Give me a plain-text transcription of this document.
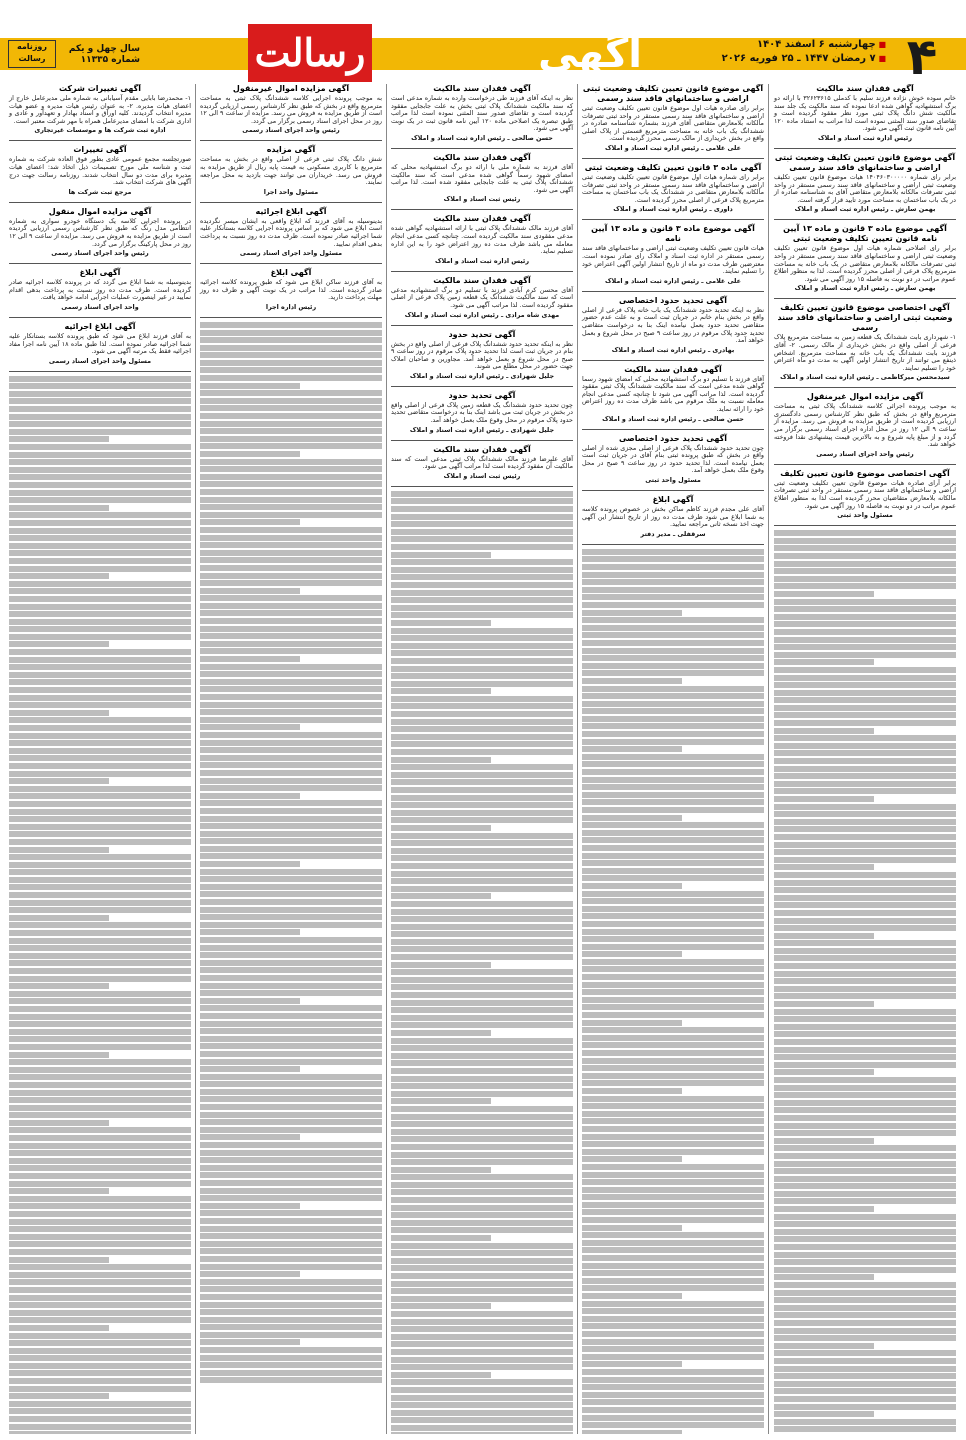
۴
■ چهارشنبه ۶ اسفند ۱۴۰۴
■ ۷ رمضان ۱۴۴۷ ـ ۲۵ فوریه ۲۰۲۶
آگهی
رسالت
سال چهل و یکم
شماره ۱۱۳۳۵
روزنامه رسالت
آگهی فقدان سند مالکیت
خانم سوده خوش نژاده فرزند سلیم با کدملی ۳۲۶۲۳۶۱۵ با ارائه دو برگ استشهادیه گواهی شده ادعا نموده که سند مالکیت یک جلد سند مالکیت شش دانگ پلاک ثبتی مورد نظر مفقود گردیده است و تقاضای صدور سند المثنی نموده است لذا مراتب به استناد ماده ۱۲۰ آیین نامه قانون ثبت آگهی می شود.
رئیس اداره ثبت اسناد و املاک
آگهی موضوع قانون تعیین تکلیف وضعیت ثبتی اراضی و ساختمانهای فاقد سند رسمی
برابر رای شماره ۱۴۰۴۶۰۳۰۰۰۰۰ هیات موضوع قانون تعیین تکلیف وضعیت ثبتی اراضی و ساختمانهای فاقد سند رسمی مستقر در واحد ثبتی تصرفات مالکانه بلامعارض متقاضی آقای به شناسنامه صادره از در یک باب ساختمان به مساحت مورد تایید قرار گرفته است.
بهمن سازش ـ رئیس اداره ثبت اسناد و املاک
آگهی موضوع ماده ۳ قانون و ماده ۱۳ آیین نامه قانون تعیین تکلیف وضعیت ثبتی
برابر رای اصلاحی شماره هیات اول موضوع قانون تعیین تکلیف وضعیت ثبتی اراضی و ساختمانهای فاقد سند رسمی مستقر در واحد ثبتی تصرفات مالکانه بلامعارض متقاضی در یک باب خانه به مساحت مترمربع پلاک فرعی از اصلی محرز گردیده است. لذا به منظور اطلاع عموم مراتب در دو نوبت به فاصله ۱۵ روز آگهی می شود.
بهمن سازش ـ رئیس اداره ثبت اسناد و املاک
آگهی اختصاصی موضوع قانون تعیین تکلیف وضعیت ثبتی اراضی و ساختمانهای فاقد سند رسمی
۱- شهرداری بابت ششدانگ یک قطعه زمین به مساحت مترمربع پلاک فرعی از اصلی واقع در بخش خریداری از مالک رسمی. ۲- آقای فرزند بابت ششدانگ یک باب خانه به مساحت مترمربع. اشخاص ذینفع می توانند از تاریخ انتشار اولین آگهی به مدت دو ماه اعتراض خود را تسلیم نمایند.
سیدمحسن میرکاظمی ـ رئیس اداره ثبت اسناد و املاک
آگهی مزایده اموال غیرمنقول
به موجب پرونده اجرائی کلاسه ششدانگ پلاک ثبتی به مساحت مترمربع واقع در بخش که طبق نظر کارشناس رسمی دادگستری ارزیابی گردیده است از طریق مزایده به فروش می رسد. مزایده از ساعت ۹ الی ۱۲ روز در محل اداره اجرای اسناد رسمی برگزار می گردد و از مبلغ پایه شروع و به بالاترین قیمت پیشنهادی نقدا فروخته خواهد شد.
رئیس واحد اجرای اسناد رسمی
آگهی اختصاصی موضوع قانون تعیین تکلیف
برابر آرای صادره هیات موضوع قانون تعیین تکلیف وضعیت ثبتی اراضی و ساختمانهای فاقد سند رسمی مستقر در واحد ثبتی تصرفات مالکانه بلامعارض متقاضیان محرز گردیده است لذا به منظور اطلاع عموم مراتب در دو نوبت به فاصله ۱۵ روز آگهی می شود.
مسئول واحد ثبتی
آگهی موضوع قانون تعیین تکلیف وضعیت ثبتی اراضی و ساختمانهای فاقد سند رسمی
برابر رای صادره هیات اول موضوع قانون تعیین تکلیف وضعیت ثبتی اراضی و ساختمانهای فاقد سند رسمی مستقر در واحد ثبتی تصرفات مالکانه بلامعارض متقاضی آقای فرزند بشماره شناسنامه صادره در ششدانگ یک باب خانه به مساحت مترمربع قسمتی از پلاک اصلی واقع در بخش خریداری از مالک رسمی محرز گردیده است.
علی غلامی ـ رئیس اداره ثبت اسناد و املاک
آگهی ماده ۳ قانون تعیین تکلیف وضعیت ثبتی
برابر رای شماره هیات اول موضوع قانون تعیین تکلیف وضعیت ثبتی اراضی و ساختمانهای فاقد سند رسمی مستقر در واحد ثبتی تصرفات مالکانه بلامعارض متقاضی در ششدانگ یک باب ساختمان به مساحت مترمربع پلاک فرعی از اصلی محرز گردیده است.
داوری ـ رئیس اداره ثبت اسناد و املاک
آگهی موضوع ماده ۳ قانون و ماده ۱۳ آیین نامه
هیات قانون تعیین تکلیف وضعیت ثبتی اراضی و ساختمانهای فاقد سند رسمی مستقر در اداره ثبت اسناد و املاک رای صادر نموده است. معترضین ظرف مدت دو ماه از تاریخ انتشار اولین آگهی اعتراض خود را تسلیم نمایند.
علی غلامی ـ رئیس اداره ثبت اسناد و املاک
آگهی تحدید حدود اختصاصی
نظر به اینکه تحدید حدود ششدانگ یک باب خانه پلاک فرعی از اصلی واقع در بخش بنام خانم در جریان ثبت است و به علت عدم حضور متقاضی تحدید حدود بعمل نیامده اینک بنا به درخواست متقاضی تحدید حدود پلاک مرقوم در روز ساعت ۹ صبح در محل شروع و بعمل خواهد آمد.
بهادری ـ رئیس اداره ثبت اسناد و املاک
آگهی فقدان سند مالکیت
آقای فرزند با تسلیم دو برگ استشهادیه محلی که امضای شهود رسما گواهی شده مدعی است که سند مالکیت ششدانگ پلاک ثبتی مفقود گردیده است. لذا مراتب آگهی می شود تا چنانچه کسی مدعی انجام معامله نسبت به ملک مرقوم می باشد ظرف مدت ده روز اعتراض خود را ارائه نماید.
حسن صالحی ـ رئیس اداره ثبت اسناد و املاک
آگهی تحدید حدود اختصاصی
چون تحدید حدود ششدانگ پلاک فرعی از اصلی مجزی شده از اصلی واقع در بخش که طبق پرونده ثبتی بنام آقای در جریان ثبت است بعمل نیامده است. لذا تحدید حدود در روز ساعت ۹ صبح در محل وقوع ملک بعمل خواهد آمد.
مسئول واحد ثبتی
آگهی ابلاغ
آقای علی مجدم فرزند کاظم ساکن بخش در خصوص پرونده کلاسه به شما ابلاغ می شود ظرف مدت ده روز از تاریخ انتشار این آگهی جهت اخذ نسخه ثانی مراجعه نمایید.
سرقفلی ـ مدیر دفتر
آگهی فقدان سند مالکیت
نظر به اینکه آقای فرزند طی درخواست وارده به شماره مدعی است که سند مالکیت ششدانگ پلاک ثبتی بخش به علت جابجایی مفقود گردیده است و تقاضای صدور سند المثنی نموده است لذا مراتب طبق تبصره یک اصلاحی ماده ۱۲۰ آیین نامه قانون ثبت در یک نوبت آگهی می شود.
حسن صالحی ـ رئیس اداره ثبت اسناد و املاک
آگهی فقدان سند مالکیت
آقای فرزند به شماره ملی با ارائه دو برگ استشهادیه محلی که امضای شهود رسماً گواهی شده مدعی است که سند مالکیت ششدانگ پلاک ثبتی به علت جابجایی مفقود شده است. لذا مراتب آگهی می شود.
رئیس ثبت اسناد و املاک
آگهی فقدان سند مالکیت
آقای فرزند مالک ششدانگ پلاک ثبتی با ارائه استشهادیه گواهی شده مدعی مفقودی سند مالکیت گردیده است. چنانچه کسی مدعی انجام معامله می باشد ظرف مدت ده روز اعتراض خود را به این اداره تسلیم نماید.
رئیس اداره ثبت اسناد و املاک
آگهی فقدان سند مالکیت
آقای محسن کرم آبادی فرزند با تسلیم دو برگ استشهادیه مدعی است که سند مالکیت ششدانگ یک قطعه زمین پلاک فرعی از اصلی مفقود گردیده است. لذا مراتب آگهی می شود.
مهدی شاه مرادی ـ رئیس اداره ثبت اسناد و املاک
آگهی تحدید حدود
نظر به اینکه تحدید حدود ششدانگ پلاک فرعی از اصلی واقع در بخش بنام در جریان ثبت است لذا تحدید حدود پلاک مرقوم در روز ساعت ۹ صبح در محل شروع و بعمل خواهد آمد. مجاورین و صاحبان املاک جهت حضور در محل مطلع می شوند.
جلیل شهزادی ـ رئیس اداره ثبت اسناد و املاک
آگهی تحدید حدود
چون تحدید حدود ششدانگ یک قطعه زمین پلاک فرعی از اصلی واقع در بخش در جریان ثبت می باشد اینک بنا به درخواست متقاضی تحدید حدود پلاک مرقوم در محل وقوع ملک بعمل خواهد آمد.
جلیل شهزادی ـ رئیس اداره ثبت اسناد و املاک
آگهی فقدان سند مالکیت
آقای علیرضا فرزند مالک ششدانگ پلاک ثبتی مدعی است که سند مالکیت آن مفقود گردیده است لذا مراتب آگهی می شود.
رئیس ثبت اسناد و املاک
آگهی مزایده اموال غیرمنقول
به موجب پرونده اجرایی کلاسه ششدانگ پلاک ثبتی به مساحت مترمربع واقع در بخش که طبق نظر کارشناس رسمی ارزیابی گردیده است از طریق مزایده به فروش می رسد. مزایده از ساعت ۹ الی ۱۲ روز در محل اجرای اسناد رسمی برگزار می گردد.
رئیس واحد اجرای اسناد رسمی
آگهی مزایده
شش دانگ پلاک ثبتی فرعی از اصلی واقع در بخش به مساحت مترمربع با کاربری مسکونی به قیمت پایه ریال از طریق مزایده به فروش می رسد. خریداران می توانند جهت بازدید به محل مراجعه نمایند.
مسئول واحد اجرا
آگهی ابلاغ اجرائیه
بدینوسیله به آقای فرزند که ابلاغ واقعی به ایشان میسر نگردیده است ابلاغ می شود که بر اساس پرونده اجرایی کلاسه بستانکار علیه شما اجرائیه صادر نموده است. ظرف مدت ده روز نسبت به پرداخت بدهی اقدام نمایید.
مسئول واحد اجرای اسناد رسمی
آگهی ابلاغ
به آقای فرزند ساکن ابلاغ می شود که طبق پرونده کلاسه اجرائیه صادر گردیده است. لذا مراتب در یک نوبت آگهی و ظرف ده روز مهلت پرداخت دارید.
رئیس اداره اجرا
آگهی تغییرات شرکت
۱- محمدرضا بابایی مقدم آسیابانی به شماره ملی مدیرعامل خارج از اعضای هیات مدیره. ۲- به عنوان رئیس هیات مدیره و عضو هیات مدیره انتخاب گردیدند. کلیه اوراق و اسناد بهادار و تعهدآور و عادی و اداری شرکت با امضای مدیرعامل همراه با مهر شرکت معتبر است.
اداره ثبت شرکت ها و موسسات غیرتجاری
آگهی تغییرات
صورتجلسه مجمع عمومی عادی بطور فوق العاده شرکت به شماره ثبت و شناسه ملی مورخ تصمیمات ذیل اتخاذ شد: اعضای هیات مدیره برای مدت دو سال انتخاب شدند. روزنامه رسالت جهت درج آگهی های شرکت انتخاب شد.
مرجع ثبت شرکت ها
آگهی مزایده اموال منقول
در پرونده اجرایی کلاسه یک دستگاه خودرو سواری به شماره انتظامی مدل رنگ که طبق نظر کارشناس رسمی ارزیابی گردیده است از طریق مزایده به فروش می رسد. مزایده از ساعت ۹ الی ۱۲ روز در محل پارکینگ برگزار می گردد.
رئیس واحد اجرای اسناد رسمی
آگهی ابلاغ
بدینوسیله به شما ابلاغ می گردد که در پرونده کلاسه اجرائیه صادر گردیده است. ظرف مدت ده روز نسبت به پرداخت بدهی اقدام نمایید در غیر اینصورت عملیات اجرایی ادامه خواهد یافت.
واحد اجرای اسناد رسمی
آگهی ابلاغ اجرائیه
به آقای فرزند ابلاغ می شود که طبق پرونده کلاسه بستانکار علیه شما اجرائیه صادر نموده است. لذا طبق ماده ۱۸ آیین نامه اجرا مفاد اجرائیه فقط یک مرتبه آگهی می شود.
مسئول واحد اجرای اسناد رسمی
